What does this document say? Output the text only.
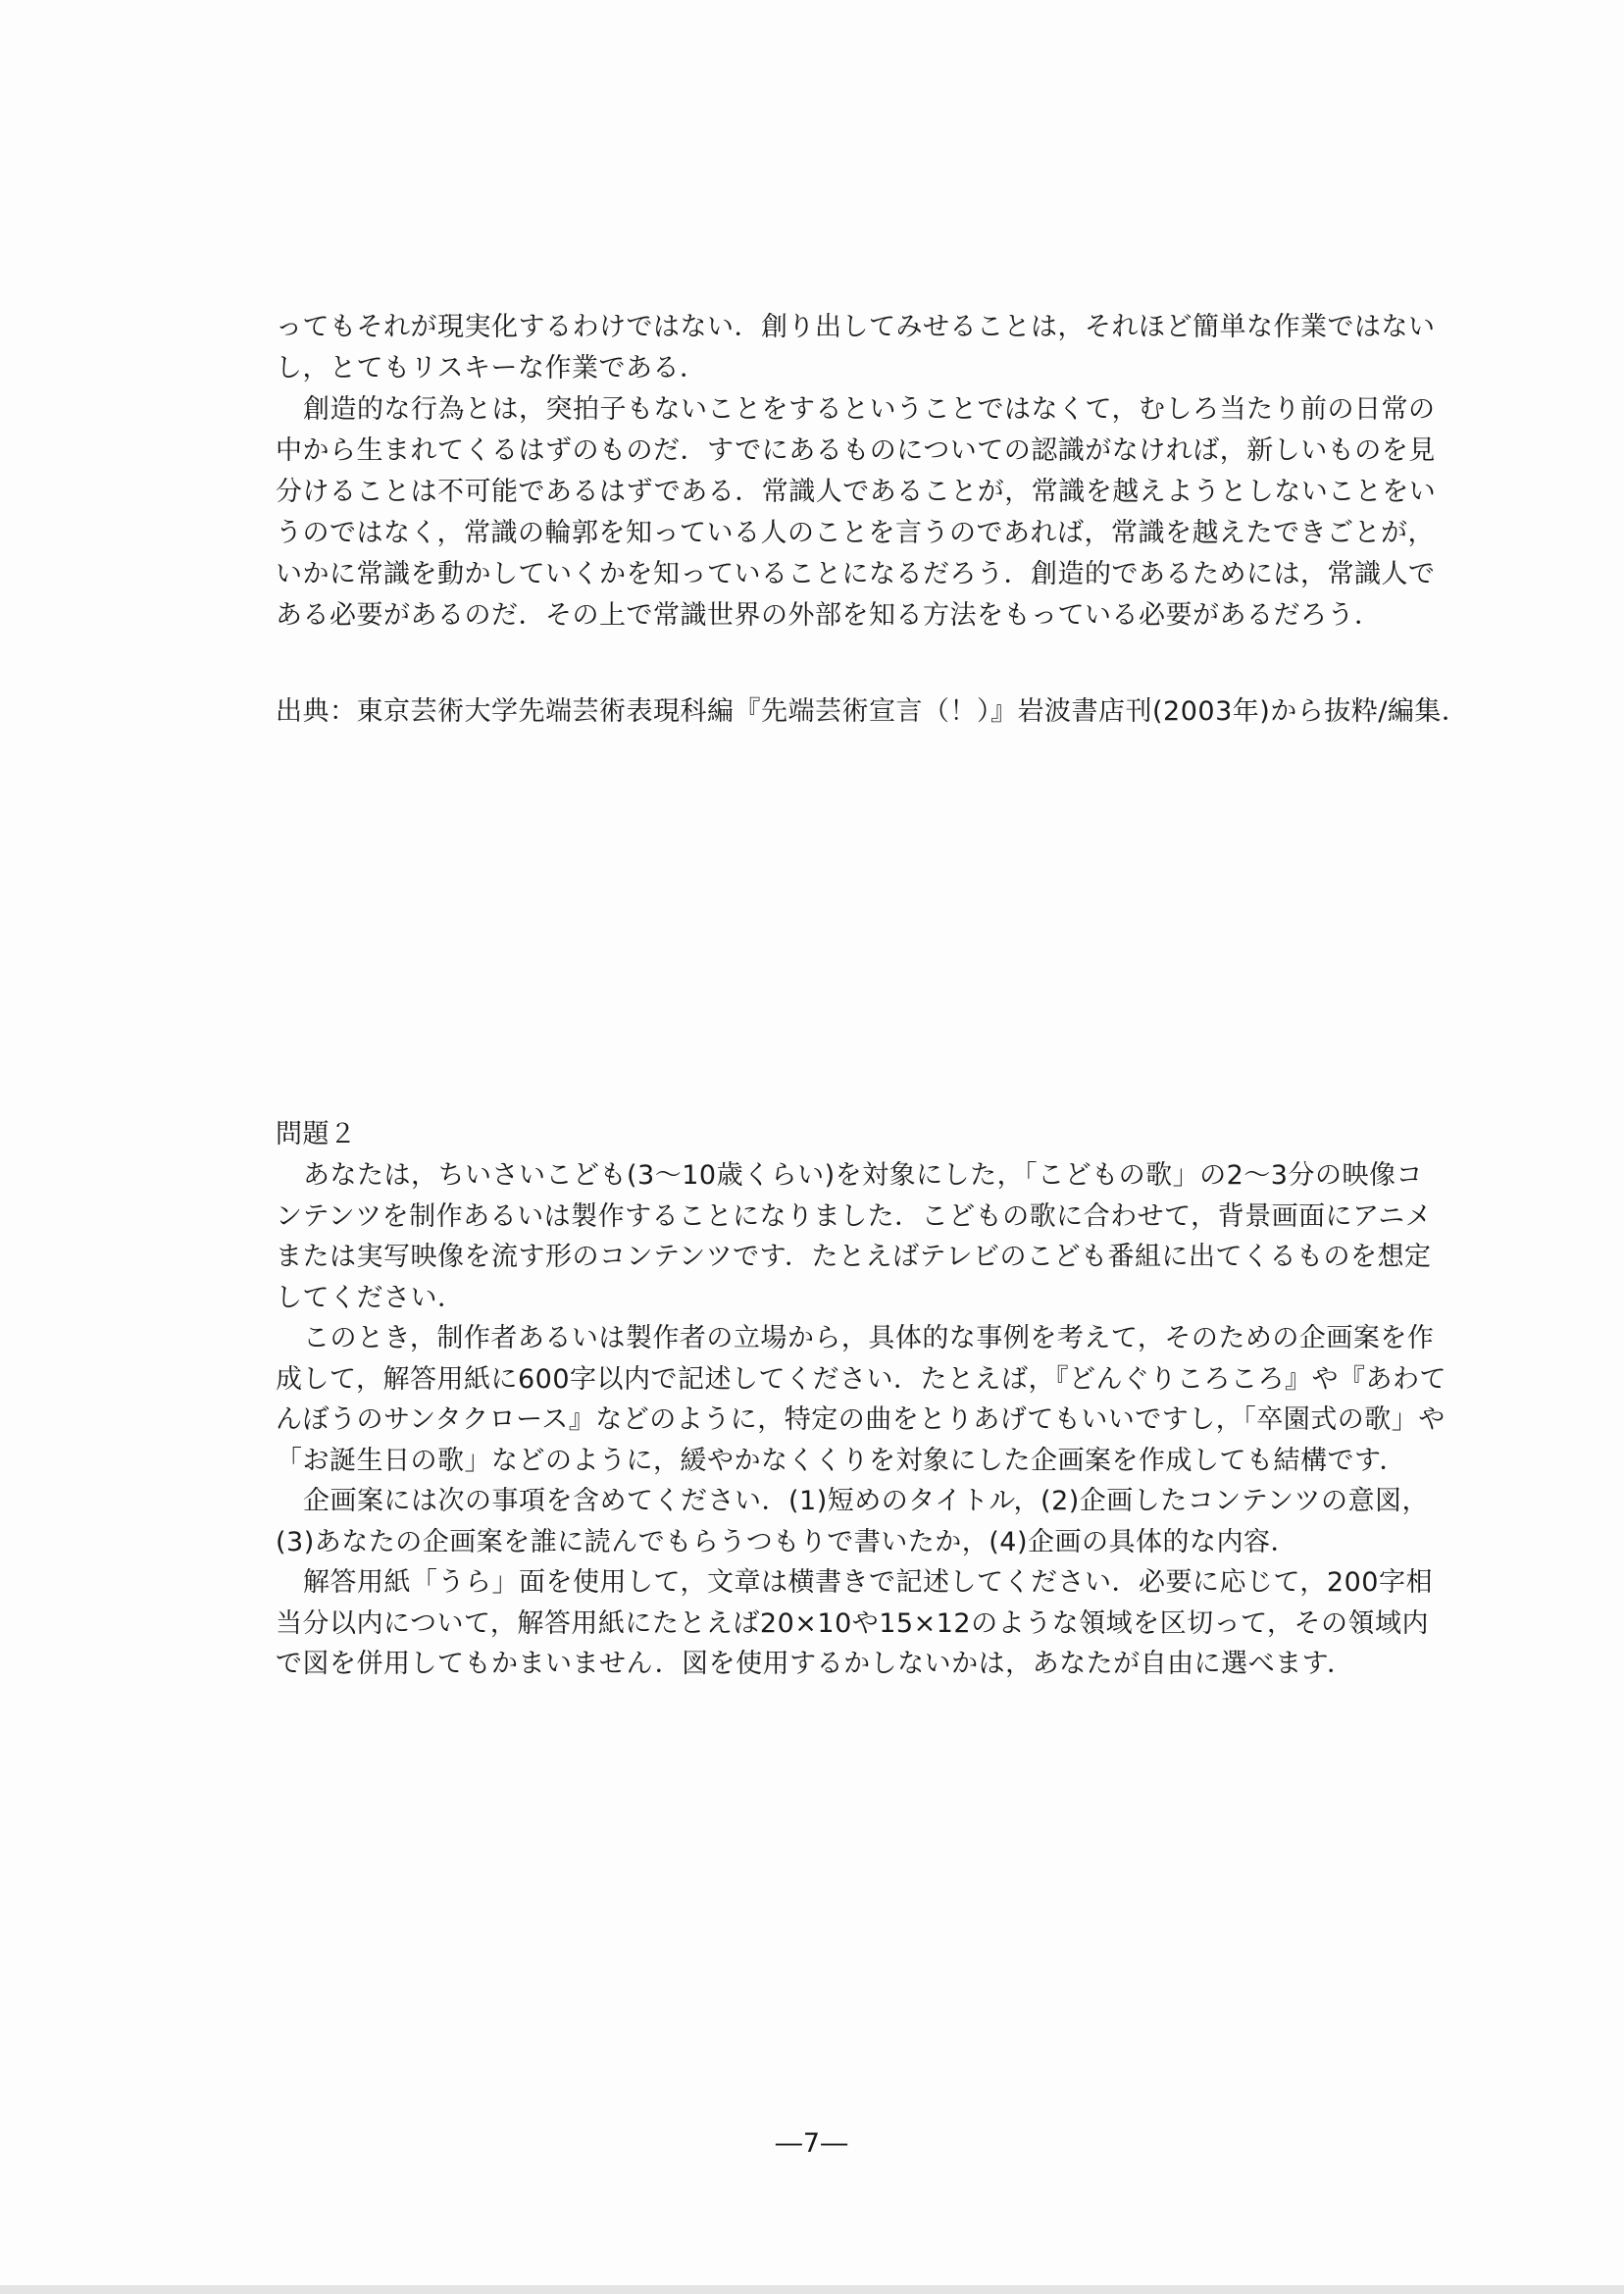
ってもそれが現実化するわけではない．創り出してみせることは，それほど簡単な作業ではない

し，とてもリスキーな作業である．

創造的な行為とは，突拍子もないことをするということではなくて，むしろ当たり前の日常の

中から生まれてくるはずのものだ．すでにあるものについての認識がなければ，新しいものを見

分けることは不可能であるはずである．常識人であることが，常識を越えようとしないことをい

うのではなく，常識の輪郭を知っている人のことを言うのであれば，常識を越えたできごとが，

いかに常識を動かしていくかを知っていることになるだろう．創造的であるためには，常識人で

ある必要があるのだ．その上で常識世界の外部を知る方法をもっている必要があるだろう．

出典：東京芸術大学先端芸術表現科編『先端芸術宣言（！）』岩波書店刊(2003年)から抜粋/編集．

問題２

あなたは，ちいさいこども(3～10歳くらい)を対象にした，「こどもの歌」の2～3分の映像コ

ンテンツを制作あるいは製作することになりました．こどもの歌に合わせて，背景画面にアニメ

または実写映像を流す形のコンテンツです．たとえばテレビのこども番組に出てくるものを想定

してください．

このとき，制作者あるいは製作者の立場から，具体的な事例を考えて，そのための企画案を作

成して，解答用紙に600字以内で記述してください．たとえば，『どんぐりころころ』や『あわて

んぼうのサンタクロース』などのように，特定の曲をとりあげてもいいですし，「卒園式の歌」や

「お誕生日の歌」などのように，緩やかなくくりを対象にした企画案を作成しても結構です．

企画案には次の事項を含めてください．(1)短めのタイトル，(2)企画したコンテンツの意図，

(3)あなたの企画案を誰に読んでもらうつもりで書いたか，(4)企画の具体的な内容．

解答用紙「うら」面を使用して，文章は横書きで記述してください．必要に応じて，200字相

当分以内について，解答用紙にたとえば20×10や15×12のような領域を区切って，その領域内

で図を併用してもかまいません．図を使用するかしないかは，あなたが自由に選べます．

―7―
